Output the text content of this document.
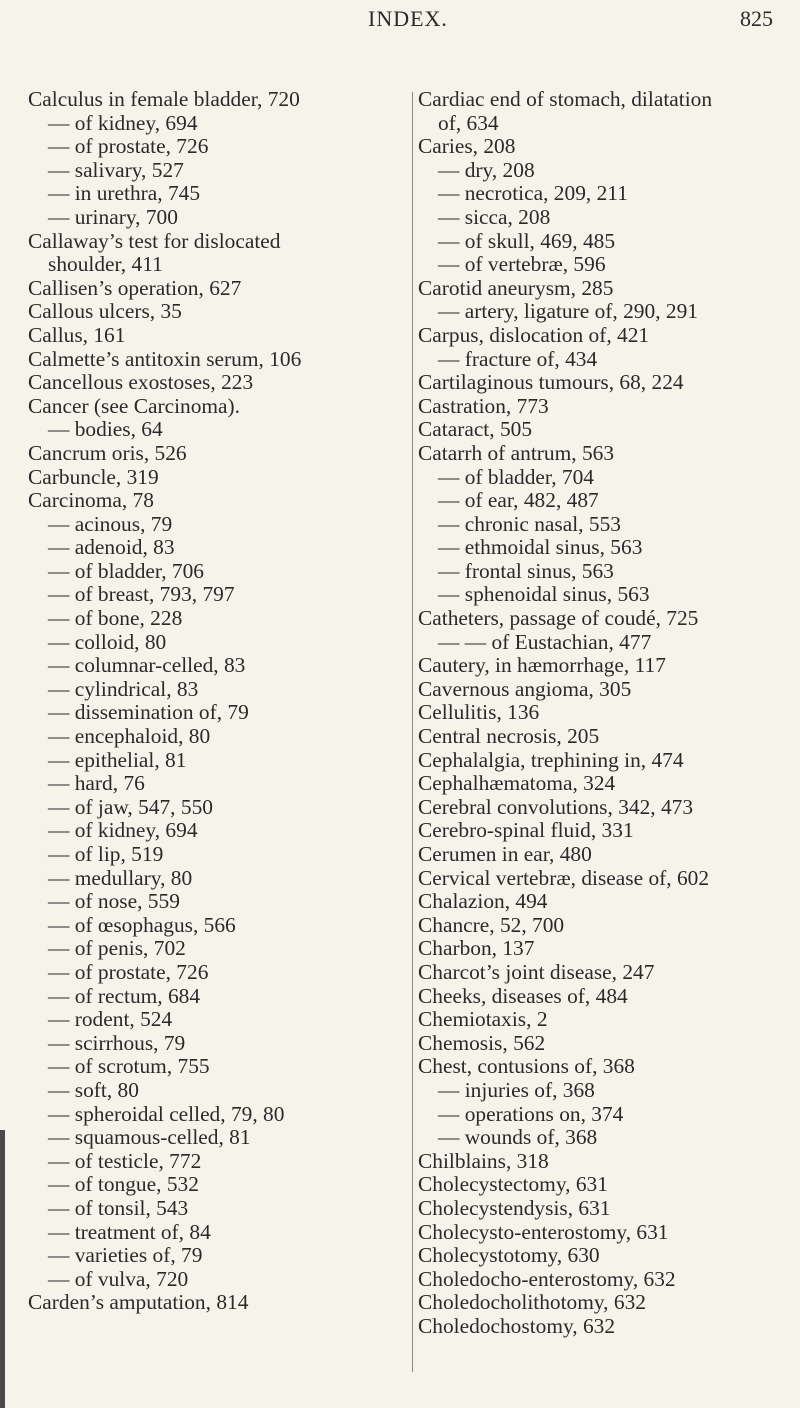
INDEX.	825
Calculus in female bladder, 720
— of kidney, 694
— of prostate, 726
— salivary, 527
— in urethra, 745
— urinary, 700
Callaway’s test for dislocated
shoulder, 411
Callisen’s operation, 627
Callous ulcers, 35
Callus, 161
Calmette’s antitoxin serum, 106
Cancellous exostoses, 223
Cancer (see Carcinoma).
— bodies, 64
Cancrum oris, 526
Carbuncle, 319
Carcinoma, 78
— acinous, 79
— adenoid, 83
— of bladder, 706
— of breast, 793, 797
— of bone, 228
— colloid, 80
— columnar-celled, 83
— cylindrical, 83
— dissemination of, 79
— encephaloid, 80
— epithelial, 81
— hard, 76
— of jaw, 547, 550
— of kidney, 694
— of lip, 519
— medullary, 80
— of nose, 559
— of œsophagus, 566
— of penis, 702
— of prostate, 726
— of rectum, 684
— rodent, 524
— scirrhous, 79
— of scrotum, 755
— soft, 80
— spheroidal celled, 79, 80
— squamous-celled, 81
— of testicle, 772
— of tongue, 532
— of tonsil, 543
— treatment of, 84
— varieties of, 79
— of vulva, 720
Carden’s amputation, 814
Cardiac end of stomach, dilatation
of, 634
Caries, 208
— dry, 208
— necrotica, 209, 211
— sicca, 208
— of skull, 469, 485
— of vertebræ, 596
Carotid aneurysm, 285
— artery, ligature of, 290, 291
Carpus, dislocation of, 421
— fracture of, 434
Cartilaginous tumours, 68, 224
Castration, 773
Cataract, 505
Catarrh of antrum, 563
— of bladder, 704
— of ear, 482, 487
— chronic nasal, 553
— ethmoidal sinus, 563
— frontal sinus, 563
— sphenoidal sinus, 563
Catheters, passage of coudé, 725
— — of Eustachian, 477
Cautery, in hæmorrhage, 117
Cavernous angioma, 305
Cellulitis, 136
Central necrosis, 205
Cephalalgia, trephining in, 474
Cephalhæmatoma, 324
Cerebral convolutions, 342, 473
Cerebro-spinal fluid, 331
Cerumen in ear, 480
Cervical vertebræ, disease of, 602
Chalazion, 494
Chancre, 52, 700
Charbon, 137
Charcot’s joint disease, 247
Cheeks, diseases of, 484
Chemiotaxis, 2
Chemosis, 562
Chest, contusions of, 368
— injuries of, 368
— operations on, 374
— wounds of, 368
Chilblains, 318
Cholecystectomy, 631
Cholecystendysis, 631
Cholecysto-enterostomy, 631
Cholecystotomy, 630
Choledocho-enterostomy, 632
Choledocholithotomy, 632
Choledochostomy, 632
